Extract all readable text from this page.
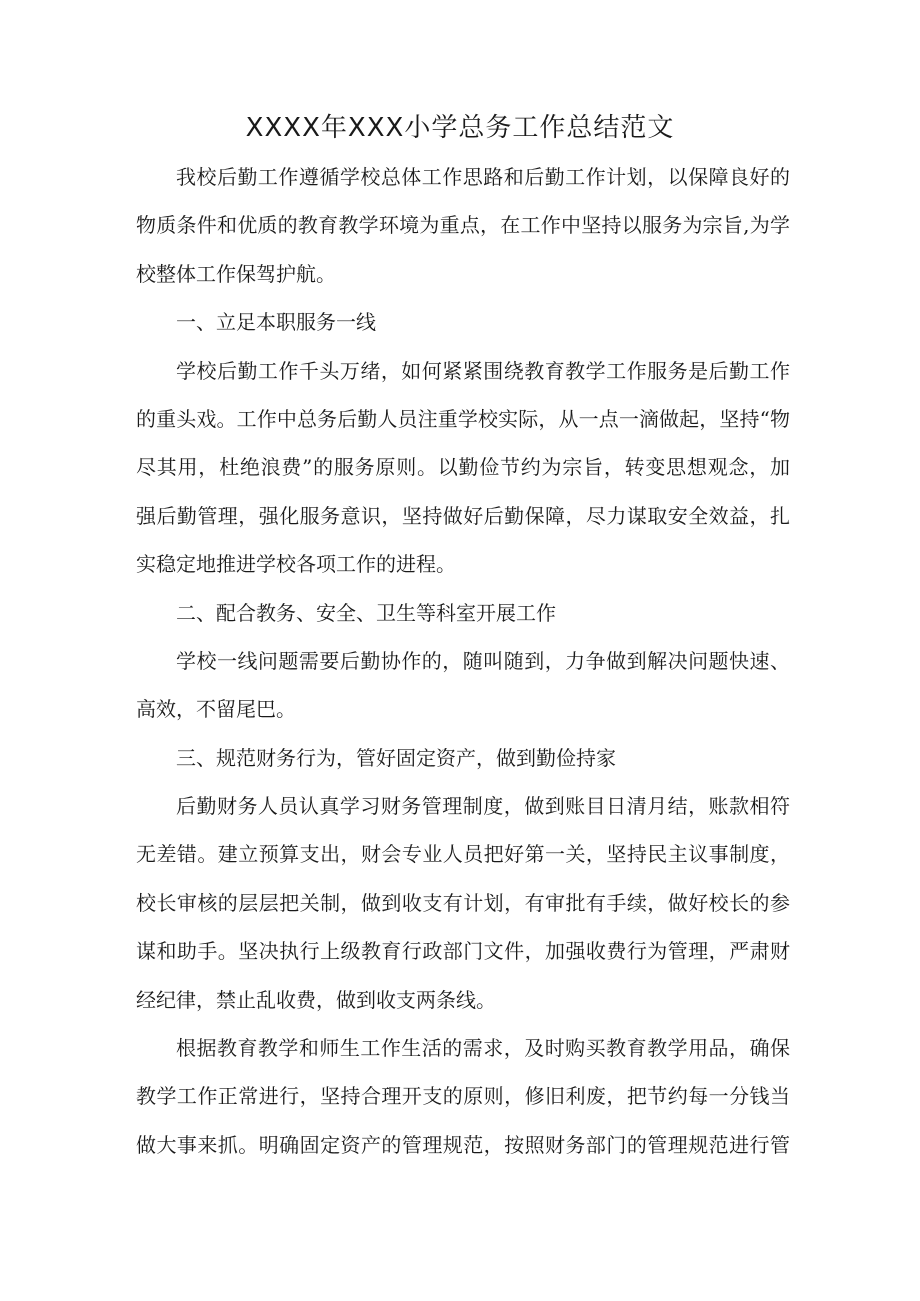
XXXX年XXX小学总务工作总结范文
我校后勤工作遵循学校总体工作思路和后勤工作计划，以保障良好的
物质条件和优质的教育教学环境为重点，在工作中坚持以服务为宗旨,为学
校整体工作保驾护航。
一、立足本职服务一线
学校后勤工作千头万绪，如何紧紧围绕教育教学工作服务是后勤工作
的重头戏。工作中总务后勤人员注重学校实际，从一点一滴做起，坚持“物
尽其用，杜绝浪费”的服务原则。以勤俭节约为宗旨，转变思想观念，加
强后勤管理，强化服务意识，坚持做好后勤保障，尽力谋取安全效益，扎
实稳定地推进学校各项工作的进程。
二、配合教务、安全、卫生等科室开展工作
学校一线问题需要后勤协作的，随叫随到，力争做到解决问题快速、
高效，不留尾巴。
三、规范财务行为，管好固定资产，做到勤俭持家
后勤财务人员认真学习财务管理制度，做到账目日清月结，账款相符
无差错。建立预算支出，财会专业人员把好第一关，坚持民主议事制度，
校长审核的层层把关制，做到收支有计划，有审批有手续，做好校长的参
谋和助手。坚决执行上级教育行政部门文件，加强收费行为管理，严肃财
经纪律，禁止乱收费，做到收支两条线。
根据教育教学和师生工作生活的需求，及时购买教育教学用品，确保
教学工作正常进行，坚持合理开支的原则，修旧利废，把节约每一分钱当
做大事来抓。明确固定资产的管理规范，按照财务部门的管理规范进行管
